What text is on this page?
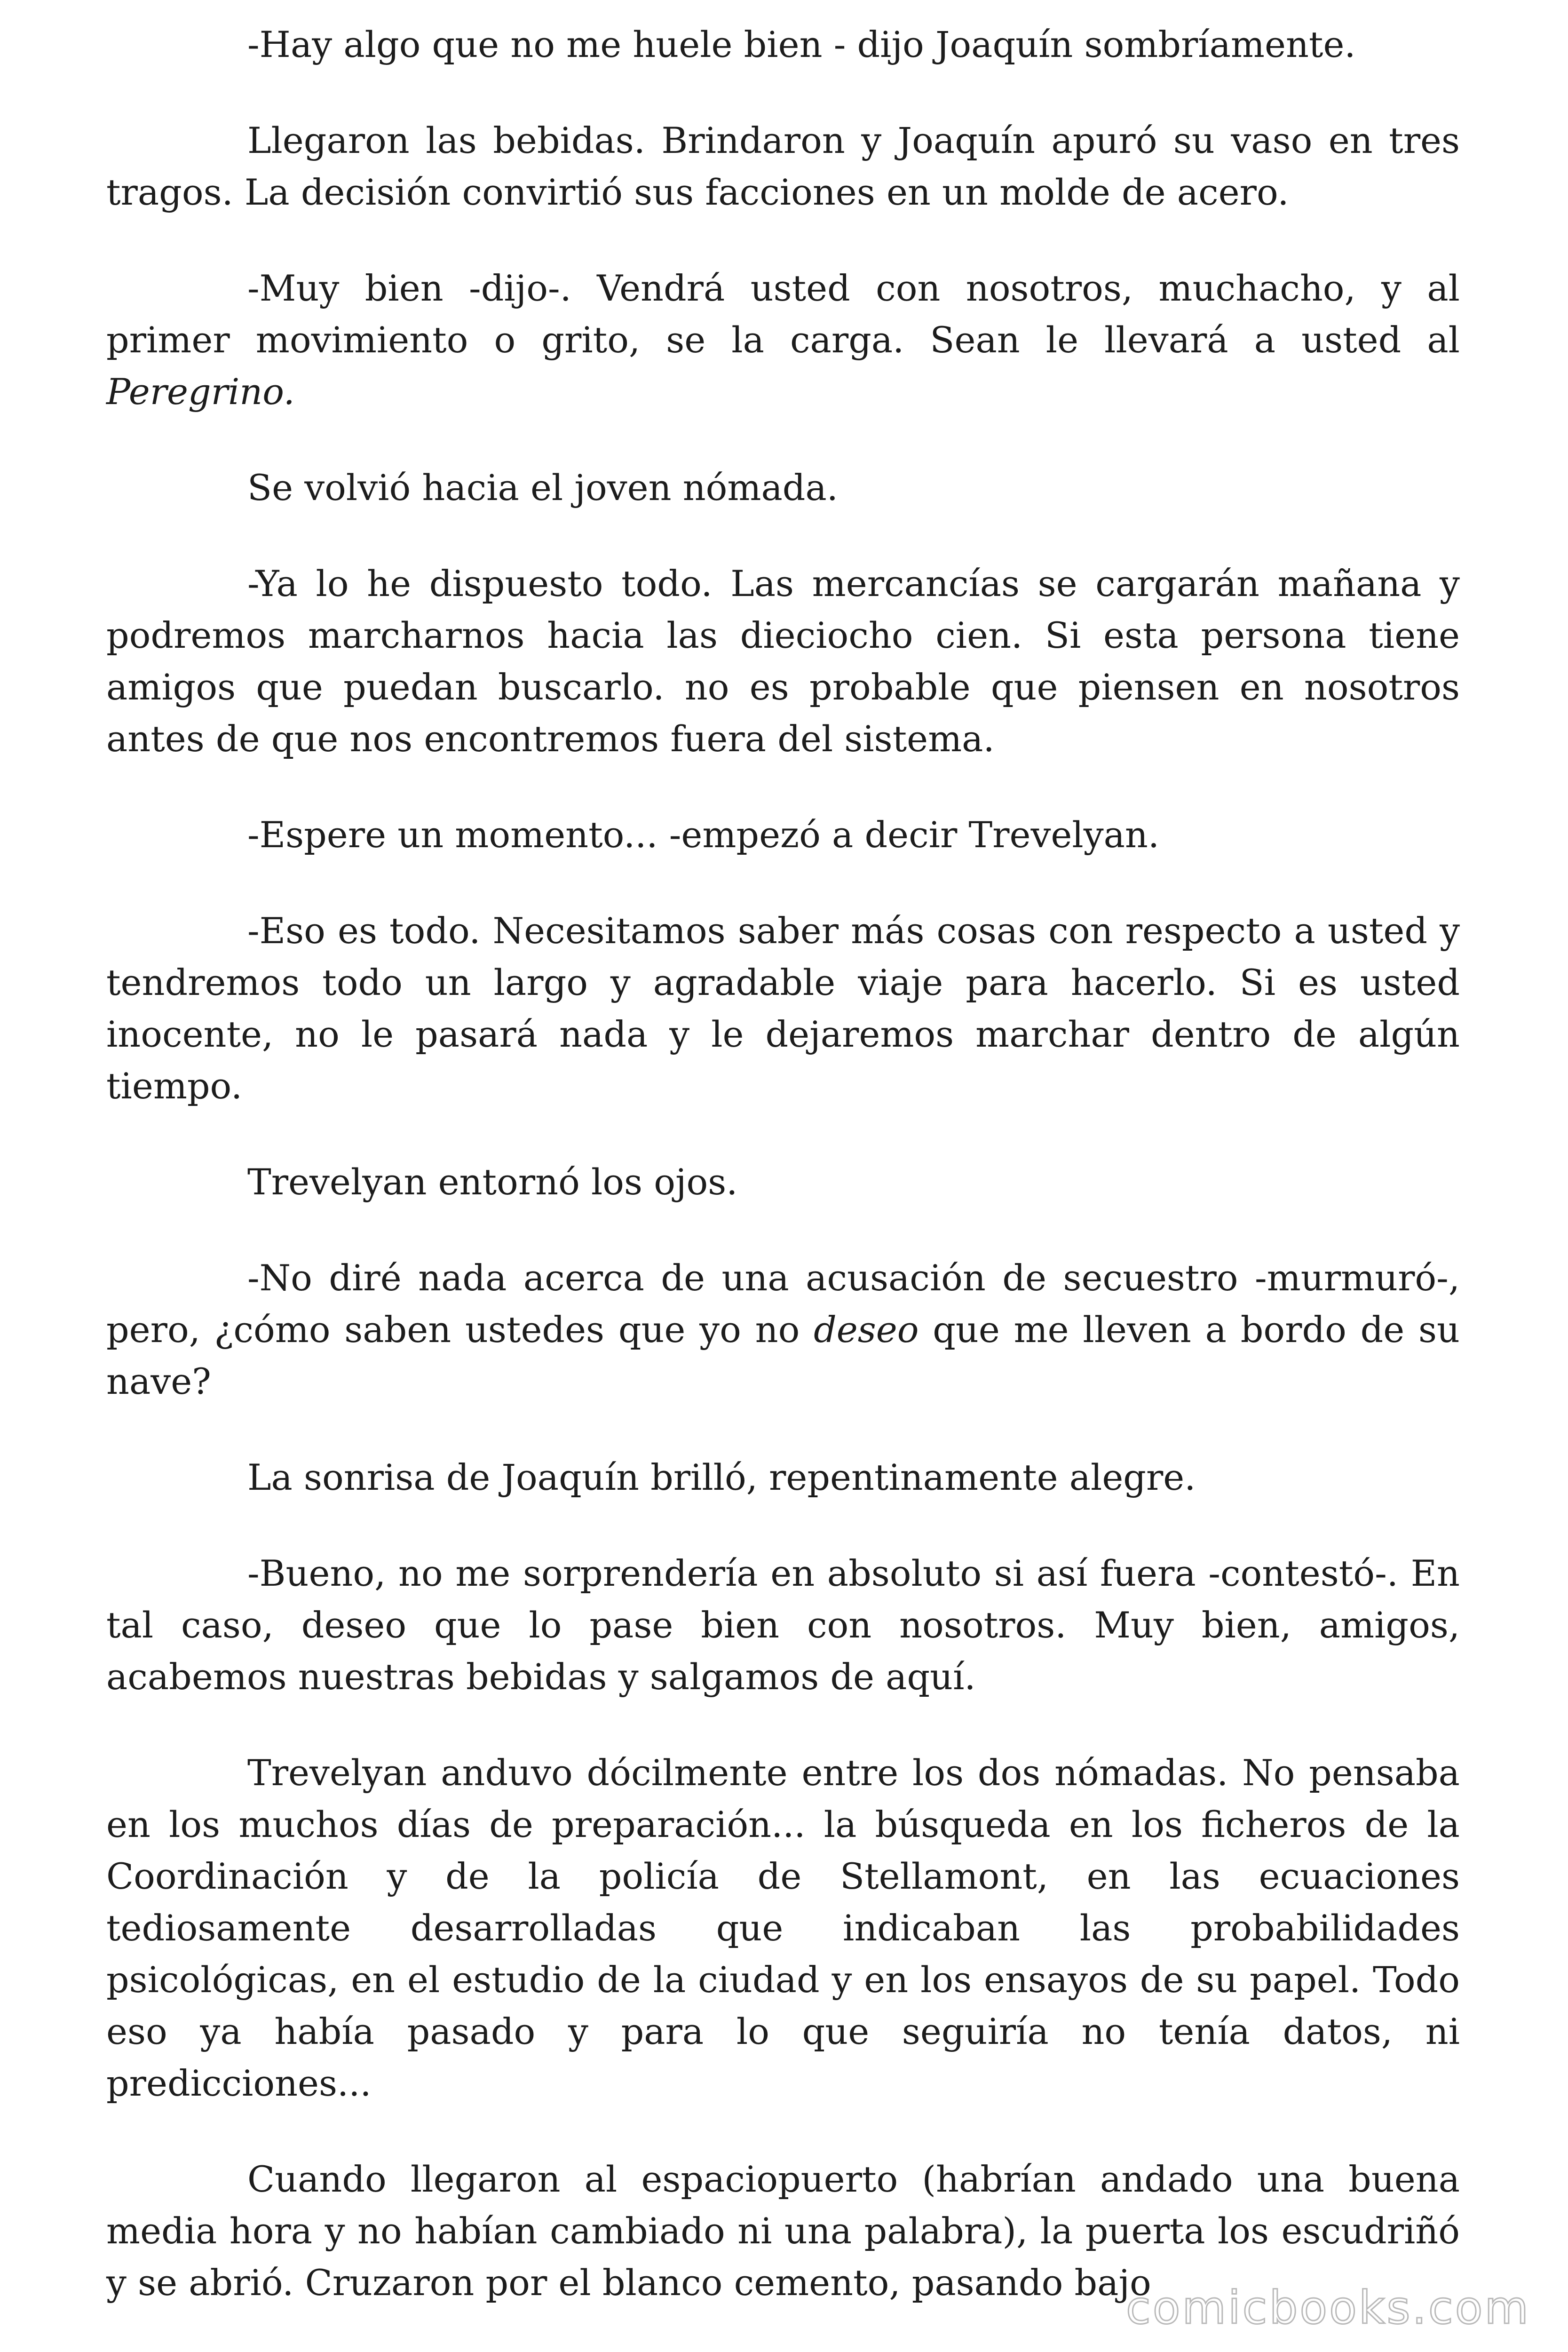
-Hay algo que no me huele bien - dijo Joaquín sombríamente.

Llegaron las bebidas. Brindaron y Joaquín apuró su vaso en tres tragos. La decisión convirtió sus facciones en un molde de acero.

-Muy bien -dijo-. Vendrá usted con nosotros, muchacho, y al primer movimiento o grito, se la carga. Sean le llevará a usted al Peregrino.

Se volvió hacia el joven nómada.

-Ya lo he dispuesto todo. Las mercancías se cargarán mañana y podremos marcharnos hacia las dieciocho cien. Si esta persona tiene amigos que puedan buscarlo. no es probable que piensen en nosotros antes de que nos encontremos fuera del sistema.

-Espere un momento... -empezó a decir Trevelyan.

-Eso es todo. Necesitamos saber más cosas con respecto a usted y tendremos todo un largo y agradable viaje para hacerlo. Si es usted inocente, no le pasará nada y le dejaremos marchar dentro de algún tiempo.

Trevelyan entornó los ojos.

-No diré nada acerca de una acusación de secuestro -murmuró-, pero, ¿cómo saben ustedes que yo no deseo que me lleven a bordo de su nave?

La sonrisa de Joaquín brilló, repentinamente alegre.

-Bueno, no me sorprendería en absoluto si así fuera -contestó-. En tal caso, deseo que lo pase bien con nosotros. Muy bien, amigos, acabemos nuestras bebidas y salgamos de aquí.

Trevelyan anduvo dócilmente entre los dos nómadas. No pensaba en los muchos días de preparación... la búsqueda en los ficheros de la Coordinación y de la policía de Stellamont, en las ecuaciones tediosamente desarrolladas que indicaban las probabilidades psicológicas, en el estudio de la ciudad y en los ensayos de su papel. Todo eso ya había pasado y para lo que seguiría no tenía datos, ni predicciones...

Cuando llegaron al espaciopuerto (habrían andado una buena media hora y no habían cambiado ni una palabra), la puerta los escudriñó y se abrió. Cruzaron por el blanco cemento, pasando bajo

comicbooks.com
